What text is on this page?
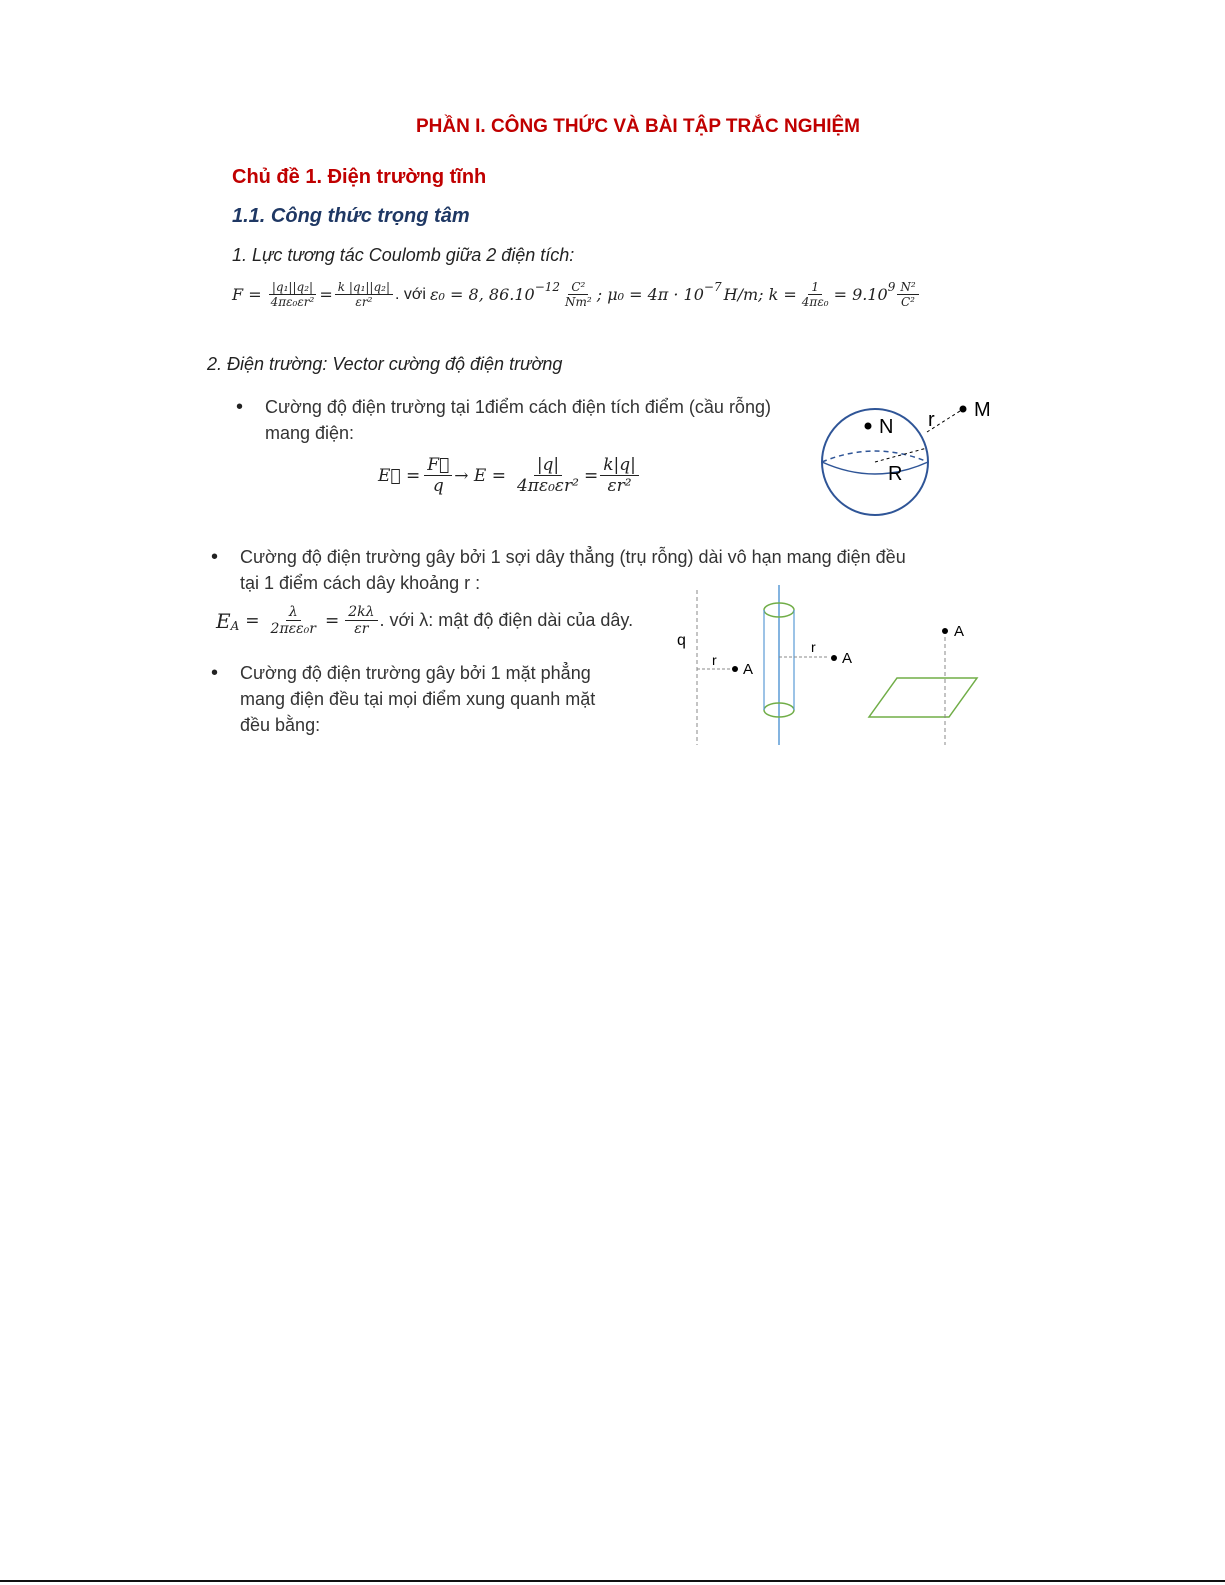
PHẦN I. CÔNG THỨC VÀ BÀI TẬP TRẮC NGHIỆM
Chủ đề 1. Điện trường tĩnh
1.1. Công thức trọng tâm
1. Lực tương tác Coulomb giữa 2 điện tích:
$F = \frac{\text{|q₁||q₂|}}{\text{4πε₀εr²}} = \frac{\text{k |q₁||q₂|}}{\text{εr²}}$ . với ε₀ = 8, $86.10^{-12} \frac{\text{C²}}{\text{Nm²}}$ ; $\mu_0 = 4\pi \cdot 10^{-7}$ H/m; $k = \frac{1}{\text{4πε₀}} = 9.10^9 \frac{\text{N²}}{\text{C²}}$
2. Điện trường: Vector cường độ điện trường
• Cường độ điện trường tại 1điểm cách điện tích điểm (cầu rỗng)
mang điện:
E⃗ = $\frac{F⃗}{q} \to E = \frac{|q|}{\text{4πε₀εr²}} = \frac{k|q|}{\text{εr²}}$
N
R
r M
• Cường độ điện trường gây bởi 1 sợi dây thẳng (trụ rỗng) dài vô hạn mang điện đều
tại 1 điểm cách dây khoảng r :
$E_A = \frac{\lambda}{\text{2πεε₀r}} = \frac{2k\lambda}{\varepsilon r}$ . với λ: mật độ điện dài của dây.
• Cường độ điện trường gây bởi 1 mặt phẳng
mang điện đều tại mọi điểm xung quanh mặt
đều bằng:
q
r
A
r
A
A
